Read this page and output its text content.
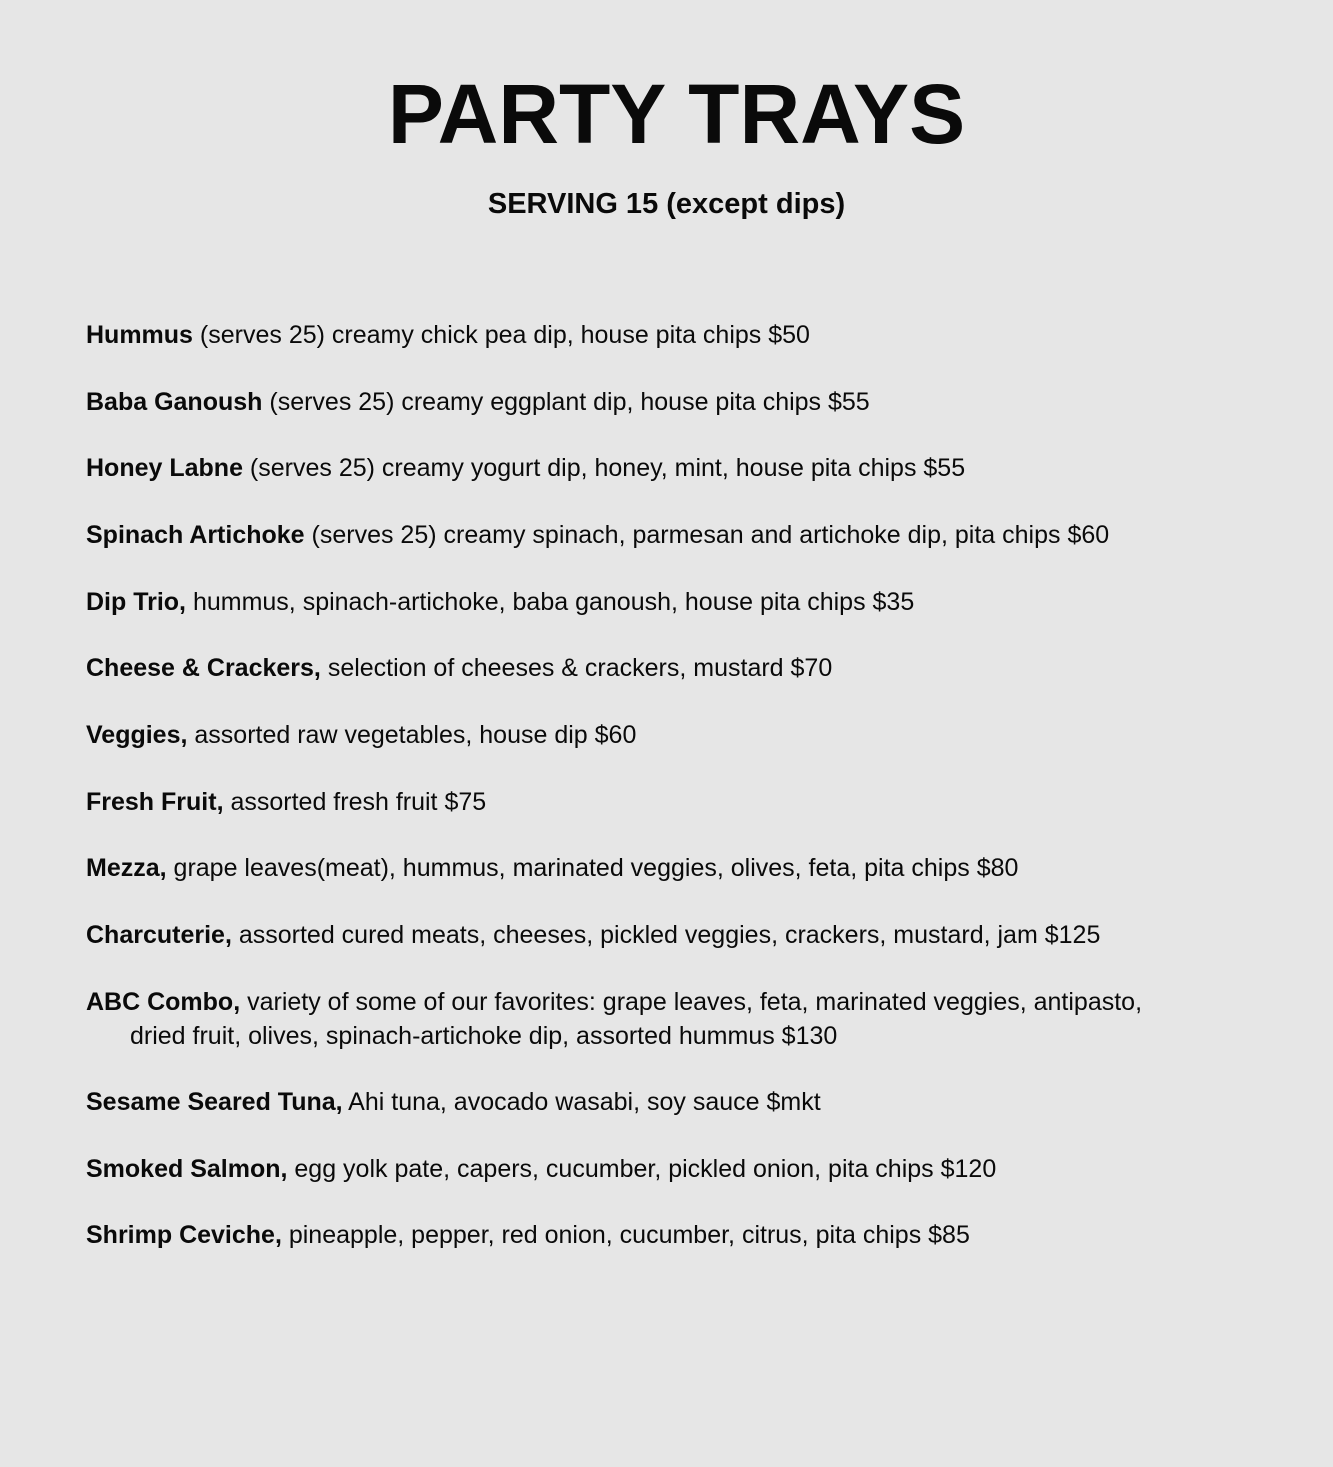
PARTY TRAYS
SERVING 15 (except dips)
Hummus (serves 25) creamy chick pea dip, house pita chips $50
Baba Ganoush (serves 25) creamy eggplant dip, house pita chips $55
Honey Labne (serves 25) creamy yogurt dip, honey, mint, house pita chips $55
Spinach Artichoke (serves 25) creamy spinach, parmesan and artichoke dip, pita chips $60
Dip Trio, hummus, spinach-artichoke, baba ganoush, house pita chips $35
Cheese & Crackers, selection of cheeses & crackers, mustard $70
Veggies, assorted raw vegetables, house dip $60
Fresh Fruit, assorted fresh fruit $75
Mezza, grape leaves(meat), hummus, marinated veggies, olives, feta, pita chips $80
Charcuterie, assorted cured meats, cheeses, pickled veggies, crackers, mustard, jam $125
ABC Combo, variety of some of our favorites: grape leaves, feta, marinated veggies, antipasto,
dried fruit, olives, spinach-artichoke dip, assorted hummus $130
Sesame Seared Tuna, Ahi tuna, avocado wasabi, soy sauce $mkt
Smoked Salmon, egg yolk pate, capers, cucumber, pickled onion, pita chips $120
Shrimp Ceviche, pineapple, pepper, red onion, cucumber, citrus, pita chips $85
